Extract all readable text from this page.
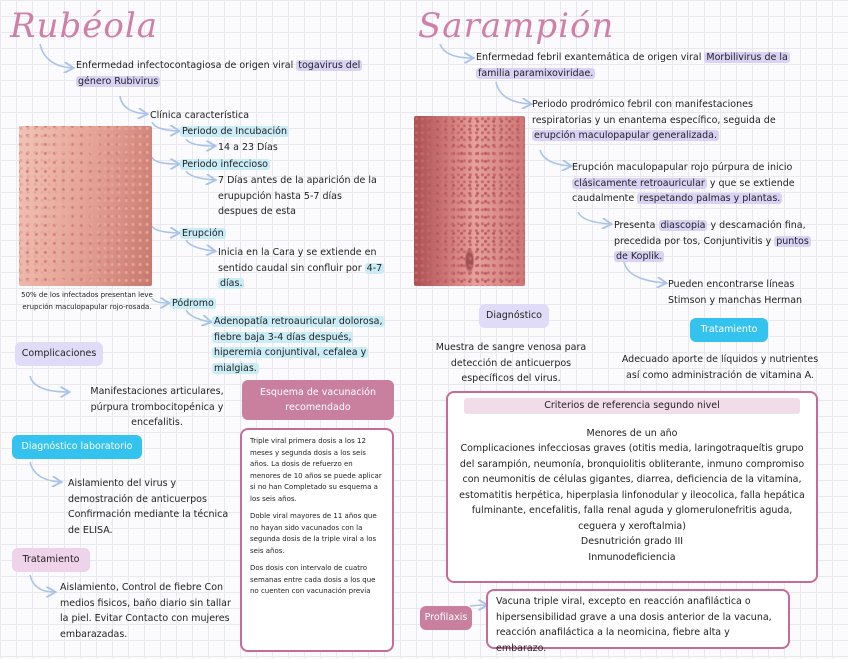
Rubéola
Enfermedad infectocontagiosa de origen viral togavirus del género Rubivirus
Clínica característica
50% de los infectados presentan leve erupción maculopapular rojo-rosada.
Periodo de Incubación
14 a 23 Días
Periodo infeccioso
7 Días antes de la aparición de la erupupción hasta 5-7 días despues de esta
Erupción
Inicia en la Cara y se extiende en sentido caudal sin confluir por 4-7 días.
Pódromo
Adenopatía retroauricular dolorosa, fiebre baja 3-4 días después, hiperemia conjuntival, cefalea y mialgias.
Complicaciones
Manifestaciones articulares, púrpura trombocitopénica y encefalitis.
Diagnóstico laboratorio
Aislamiento del virus y demostración de anticuerpos Confirmación mediante la técnica de ELISA.
Tratamiento
Aislamiento, Control de fiebre Con medios fisicos, baño diario sin tallar la piel. Evitar Contacto con mujeres embarazadas.
Esquema de vacunación recomendado
Triple viral primera dosis a los 12 meses y segunda dosis a los seis años. La dosis de refuerzo en menores de 10 años se puede aplicar si no han Completado su esquema a los seis años.
Doble viral mayores de 11 años que no hayan sido vacunados con la segunda dosis de la triple viral a los seis años.
Dos dosis con intervalo de cuatro semanas entre cada dosis a los que no cuenten con vacunación previa
Sarampión
Enfermedad febril exantemática de origen viral Morbilivirus de la familia paramixoviridae.
Periodo prodrómico febril con manifestaciones respiratorias y un enantema específico, seguida de erupción maculopapular generalizada.
Erupción maculopapular rojo púrpura de inicio clásicamente retroauricular y que se extiende caudalmente respetando palmas y plantas.
Presenta diascopia y descamación fina, precedida por tos, Conjuntivitis y puntos de Koplik.
Pueden encontrarse líneas Stimson y manchas Herman
Diagnóstico
Muestra de sangre venosa para detección de anticuerpos específicos del virus.
Tratamiento
Adecuado aporte de líquidos y nutrientes así como administración de vitamina A.
Criterios de referencia segundo nivel
Menores de un año
Complicaciones infecciosas graves (otitis media, laringotraqueítis grupo del sarampión, neumonía, bronquiolitis obliterante, inmuno compromiso con neumonitis de células gigantes, diarrea, deficiencia de la vitamina, estomatitis herpética, hiperplasia linfonodular y ileocolica, falla hepática fulminante, encefalitis, falla renal aguda y glomerulonefritis aguda, ceguera y xeroftalmia)
Desnutrición grado III
Inmunodeficiencia
Profilaxis
Vacuna triple viral, excepto en reacción anafiláctica o hipersensibilidad grave a una dosis anterior de la vacuna, reacción anafiláctica a la neomicina, fiebre alta y embarazo.
